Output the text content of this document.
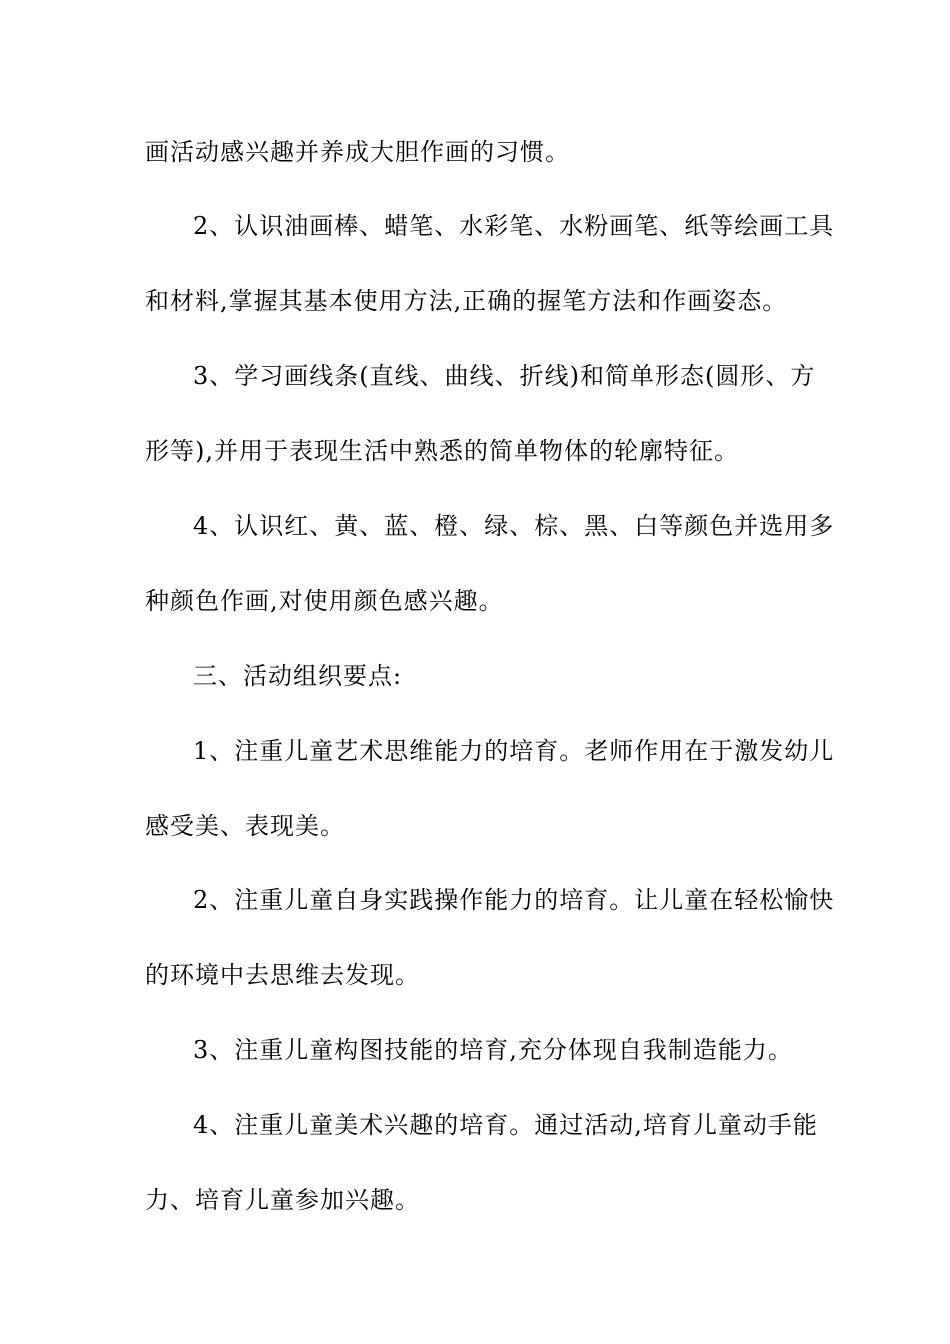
画活动感兴趣并养成大胆作画的习惯。
2、认识油画棒、蜡笔、水彩笔、水粉画笔、纸等绘画工具
和材料,掌握其基本使用方法,正确的握笔方法和作画姿态。
3、学习画线条(直线、曲线、折线)和简单形态(圆形、方
形等),并用于表现生活中熟悉的简单物体的轮廓特征。
4、认识红、黄、蓝、橙、绿、棕、黑、白等颜色并选用多
种颜色作画,对使用颜色感兴趣。
三、活动组织要点:
1、注重儿童艺术思维能力的培育。老师作用在于激发幼儿
感受美、表现美。
2、注重儿童自身实践操作能力的培育。让儿童在轻松愉快
的环境中去思维去发现。
3、注重儿童构图技能的培育,充分体现自我制造能力。
4、注重儿童美术兴趣的培育。通过活动,培育儿童动手能
力、培育儿童参加兴趣。
